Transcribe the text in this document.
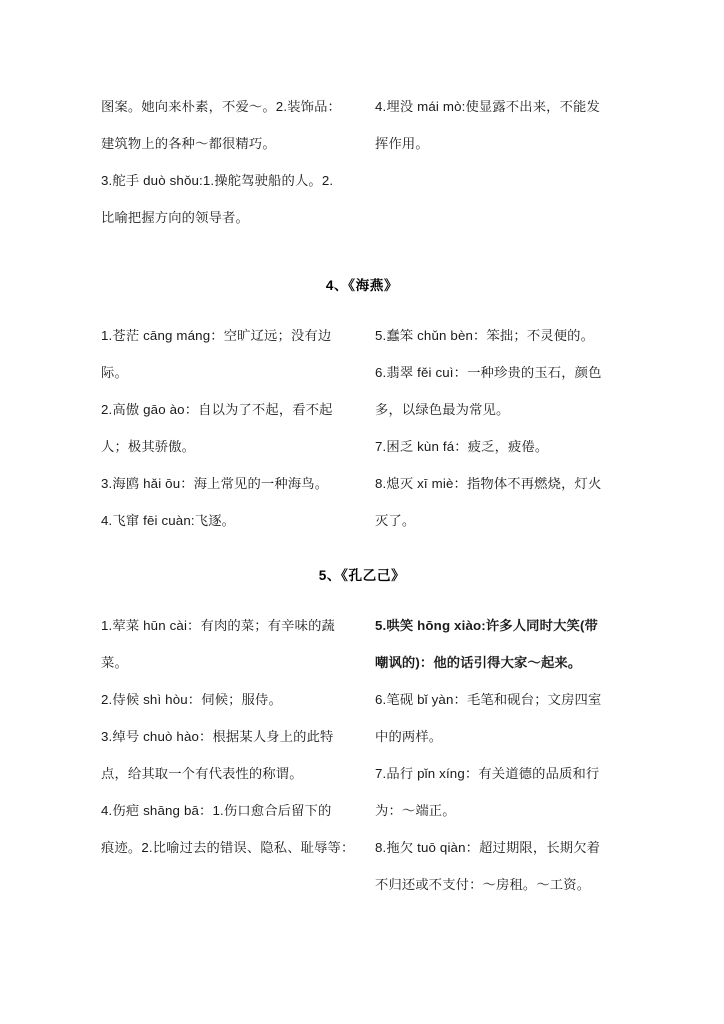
图案。她向来朴素，不爱～。2.装饰品：
建筑物上的各种～都很精巧。
3.舵手 duò shǒu:1.操舵驾驶船的人。2.
比喻把握方向的领导者。
4.埋没 mái mò:使显露不出来，不能发
挥作用。
4、《海燕》
1.苍茫 cāng máng：空旷辽远；没有边
际。
2.高傲 gāo ào：自以为了不起，看不起
人；极其骄傲。
3.海鸥 hǎi ōu：海上常见的一种海鸟。
4.飞窜 fēi cuàn:飞逐。
5.蠢笨 chǔn bèn：笨拙；不灵便的。
6.翡翠 fěi cuì：一种珍贵的玉石，颜色
多，以绿色最为常见。
7.困乏 kùn fá：疲乏，疲倦。
8.熄灭 xī miè：指物体不再燃烧，灯火
灭了。
5、《孔乙己》
1.荤菜 hūn cài：有肉的菜；有辛味的蔬
菜。
2.侍候 shì hòu：伺候；服侍。
3.绰号 chuò hào：根据某人身上的此特
点，给其取一个有代表性的称谓。
4.伤疤 shāng bā：1.伤口愈合后留下的
痕迹。2.比喻过去的错误、隐私、耻辱等：
5.哄笑 hōng xiào:许多人同时大笑(带
嘲讽的)：他的话引得大家～起来。
6.笔砚 bǐ yàn：毛笔和砚台；文房四室
中的两样。
7.品行 pǐn xíng：有关道德的品质和行
为：～端正。
8.拖欠 tuō qiàn：超过期限，长期欠着
不归还或不支付：～房租。～工资。
